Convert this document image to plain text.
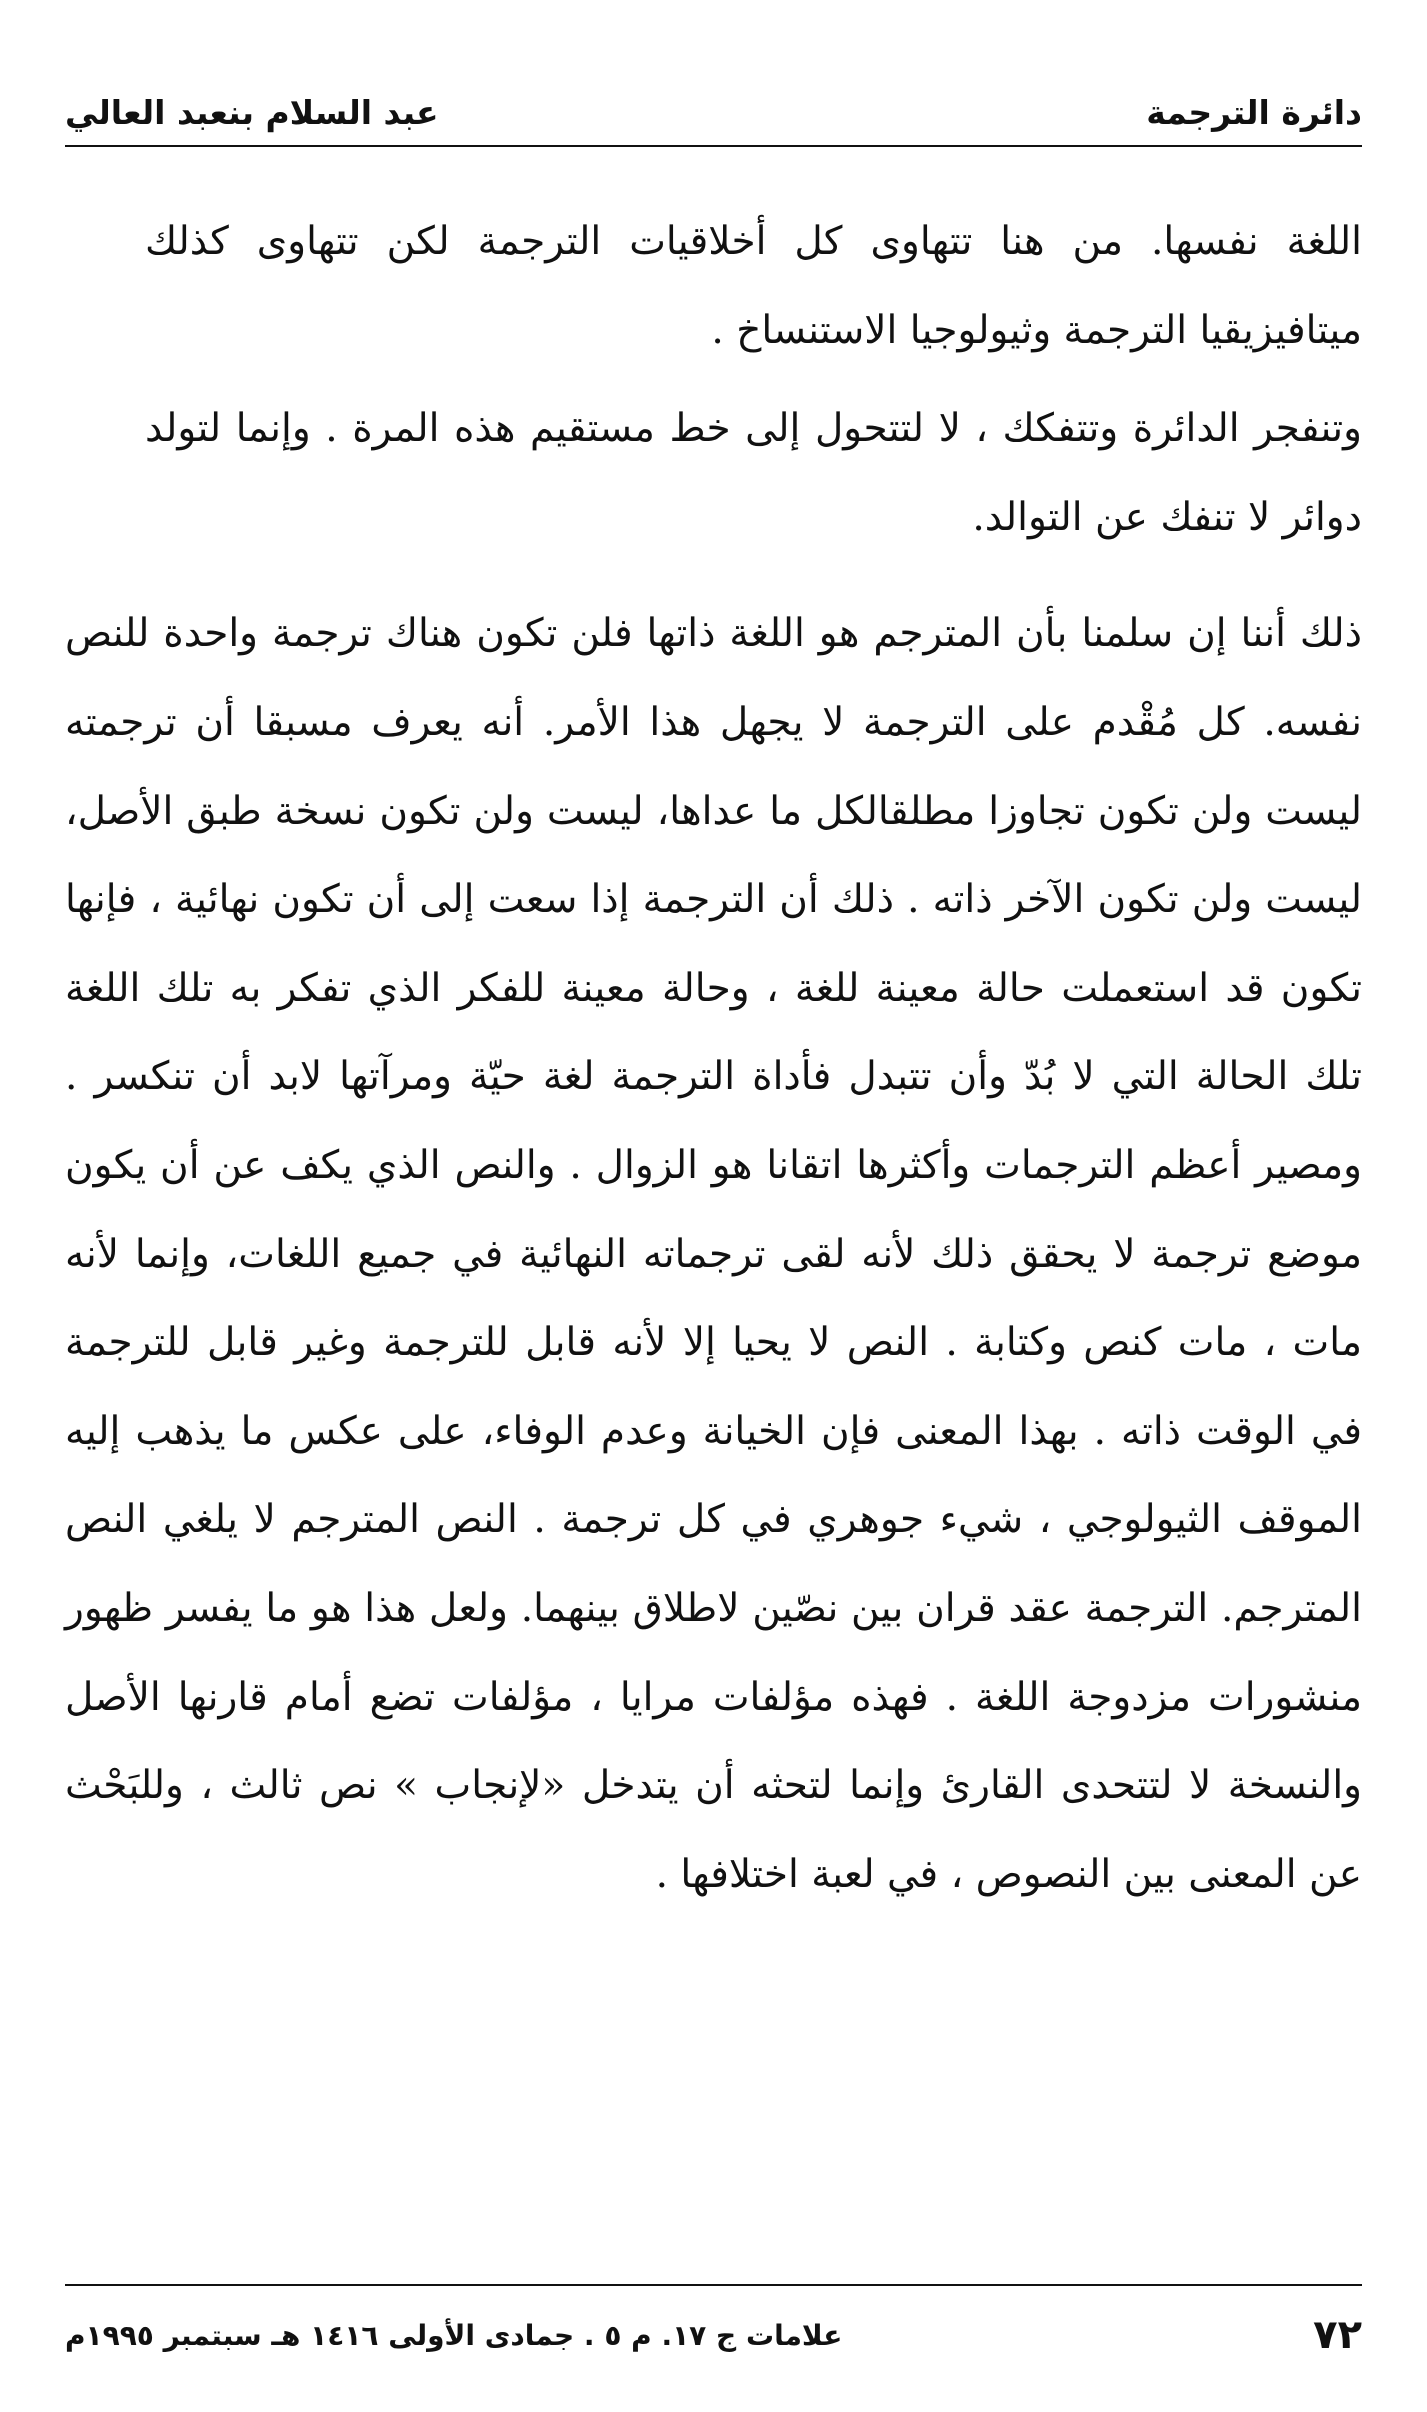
دائرة الترجمة
عبد السلام بنعبد العالي

اللغة نفسها. من هنا تتهاوى كل أخلاقيات الترجمة لكن تتهاوى كذلك ميتافيزيقيا الترجمة وثيولوجيا الاستنساخ .

وتنفجر الدائرة وتتفكك ، لا لتتحول إلى خط مستقيم هذه المرة . وإنما لتولد دوائر لا تنفك عن التوالد.

ذلك أننا إن سلمنا بأن المترجم هو اللغة ذاتها فلن تكون هناك ترجمة واحدة للنص نفسه. كل مُقْدم على الترجمة لا يجهل هذا الأمر. أنه يعرف مسبقا أن ترجمته ليست ولن تكون تجاوزا مطلقالكل ما عداها، ليست ولن تكون نسخة طبق الأصل، ليست ولن تكون الآخر ذاته . ذلك أن الترجمة إذا سعت إلى أن تكون نهائية ، فإنها تكون قد استعملت حالة معينة للغة ، وحالة معينة للفكر الذي تفكر به تلك اللغة تلك الحالة التي لا بُدّ وأن تتبدل فأداة الترجمة لغة حيّة ومرآتها لابد أن تنكسر . ومصير أعظم الترجمات وأكثرها اتقانا هو الزوال . والنص الذي يكف عن أن يكون موضع ترجمة لا يحقق ذلك لأنه لقى ترجماته النهائية في جميع اللغات، وإنما لأنه مات ، مات كنص وكتابة . النص لا يحيا إلا لأنه قابل للترجمة وغير قابل للترجمة في الوقت ذاته . بهذا المعنى فإن الخيانة وعدم الوفاء، على عكس ما يذهب إليه الموقف الثيولوجي ، شيء جوهري في كل ترجمة . النص المترجم لا يلغي النص المترجم. الترجمة عقد قران بين نصّين لاطلاق بينهما. ولعل هذا هو ما يفسر ظهور منشورات مزدوجة اللغة . فهذه مؤلفات مرايا ، مؤلفات تضع أمام قارنها الأصل والنسخة لا لتتحدى القارئ وإنما لتحثه أن يتدخل «لإنجاب » نص ثالث ، وللبَحْث عن المعنى بين النصوص ، في لعبة اختلافها .

٧٢
علامات ج ١٧. م ٥ . جمادى الأولى ١٤١٦ هـ سبتمبر ١٩٩٥م
